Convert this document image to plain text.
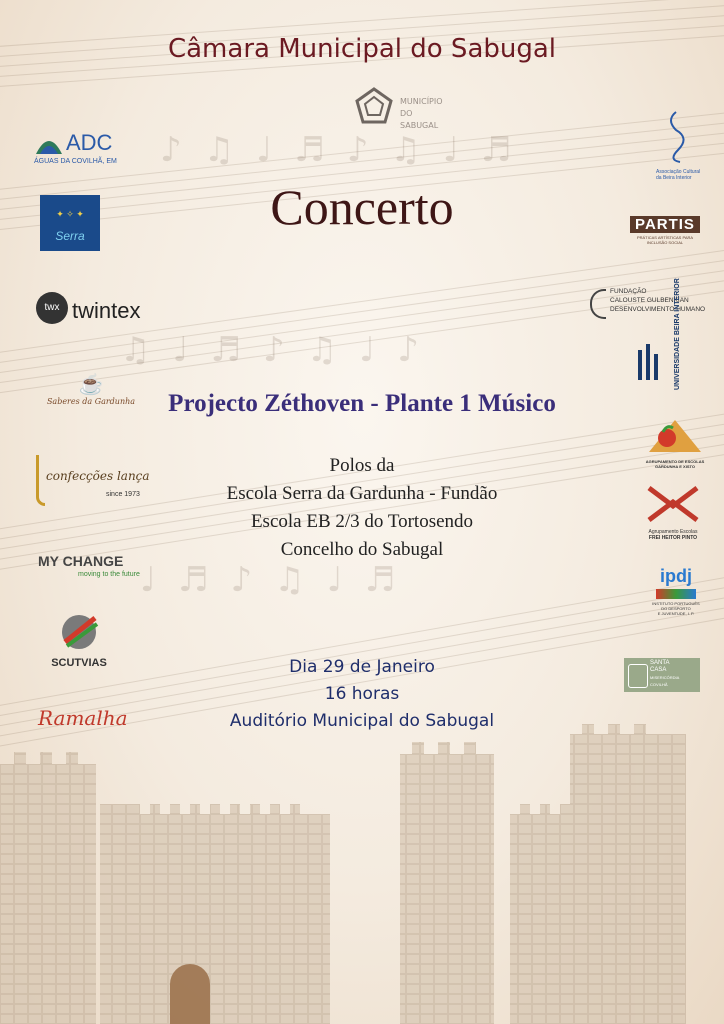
♪♫♩♬♪♫♩♬
♫♩♬♪♫♩♪
♩♬♪♫♩♬
Câmara Municipal do Sabugal
MUNICÍPIO
DO
SABUGAL
Concerto
Projecto Zéthoven - Plante 1 Músico
Polos da
Escola Serra da Gardunha - Fundão
Escola EB 2/3 do Tortosendo
Concelho do Sabugal
Dia 29 de Janeiro
16 horas
Auditório Municipal do Sabugal
ADC
ÁGUAS DA COVILHÃ, EM
✦ ✧ ✦
Serra
twx twintex
☕
Saberes da Gardunha
confecções lança
since 1973
MY CHANGE
moving to the future
SCUTVIAS
Ramalha
Associação Cultural da Beira Interior
PARTIS
PRÁTICAS ARTÍSTICAS PARA INCLUSÃO SOCIAL
FUNDAÇÃO
CALOUSTE GULBENKIAN
DESENVOLVIMENTO HUMANO
UNIVERSIDADE BEIRA INTERIOR
AGRUPAMENTO DE ESCOLAS GARDUNHA E XISTO
Agrupamento Escolas
FREI HEITOR PINTO
ipdj
INSTITUTO PORTUGUÊS
DO DESPORTO
E JUVENTUDE, I. P.
SANTA
CASA
MISERICÓRDIA
COVILHÃ
